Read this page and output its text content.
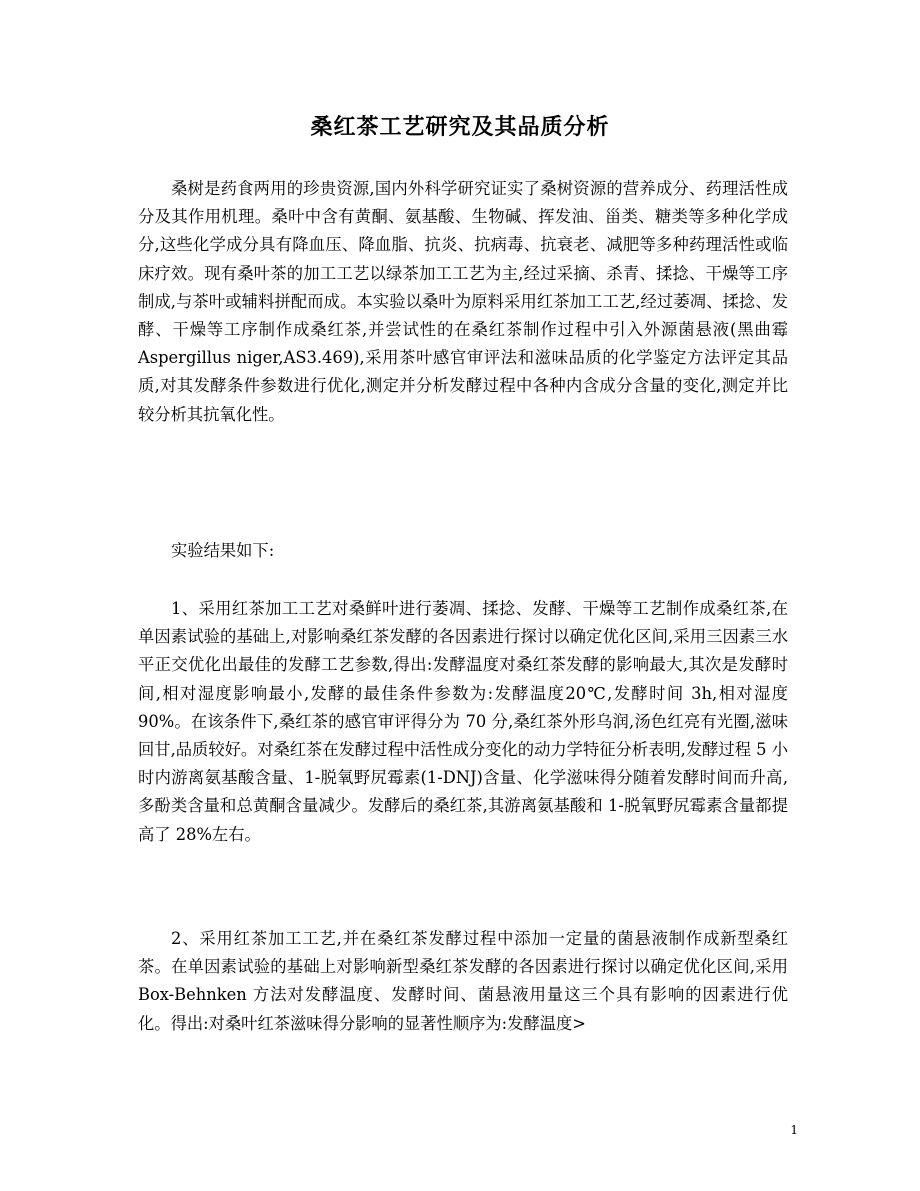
桑红茶工艺研究及其品质分析

桑树是药食两用的珍贵资源,国内外科学研究证实了桑树资源的营养成分、药理活性成分及其作用机理。桑叶中含有黄酮、氨基酸、生物碱、挥发油、甾类、糖类等多种化学成分,这些化学成分具有降血压、降血脂、抗炎、抗病毒、抗衰老、减肥等多种药理活性或临床疗效。现有桑叶茶的加工工艺以绿茶加工工艺为主,经过采摘、杀青、揉捻、干燥等工序制成,与茶叶或辅料拼配而成。本实验以桑叶为原料采用红茶加工工艺,经过萎凋、揉捻、发酵、干燥等工序制作成桑红茶,并尝试性的在桑红茶制作过程中引入外源菌悬液(黑曲霉 Aspergillus niger,AS3.469),采用茶叶感官审评法和滋味品质的化学鉴定方法评定其品质,对其发酵条件参数进行优化,测定并分析发酵过程中各种内含成分含量的变化,测定并比较分析其抗氧化性。

实验结果如下:

1、采用红茶加工工艺对桑鲜叶进行萎凋、揉捻、发酵、干燥等工艺制作成桑红茶,在单因素试验的基础上,对影响桑红茶发酵的各因素进行探讨以确定优化区间,采用三因素三水平正交优化出最佳的发酵工艺参数,得出:发酵温度对桑红茶发酵的影响最大,其次是发酵时间,相对湿度影响最小,发酵的最佳条件参数为:发酵温度20℃,发酵时间 3h,相对湿度 90%。在该条件下,桑红茶的感官审评得分为 70 分,桑红茶外形乌润,汤色红亮有光圈,滋味回甘,品质较好。对桑红茶在发酵过程中活性成分变化的动力学特征分析表明,发酵过程 5 小时内游离氨基酸含量、1-脱氧野尻霉素(1-DNJ)含量、化学滋味得分随着发酵时间而升高,多酚类含量和总黄酮含量减少。发酵后的桑红茶,其游离氨基酸和 1-脱氧野尻霉素含量都提高了 28%左右。

2、采用红茶加工工艺,并在桑红茶发酵过程中添加一定量的菌悬液制作成新型桑红茶。在单因素试验的基础上对影响新型桑红茶发酵的各因素进行探讨以确定优化区间,采用 Box-Behnken 方法对发酵温度、发酵时间、菌悬液用量这三个具有影响的因素进行优化。得出:对桑叶红茶滋味得分影响的显著性顺序为:发酵温度>

1
